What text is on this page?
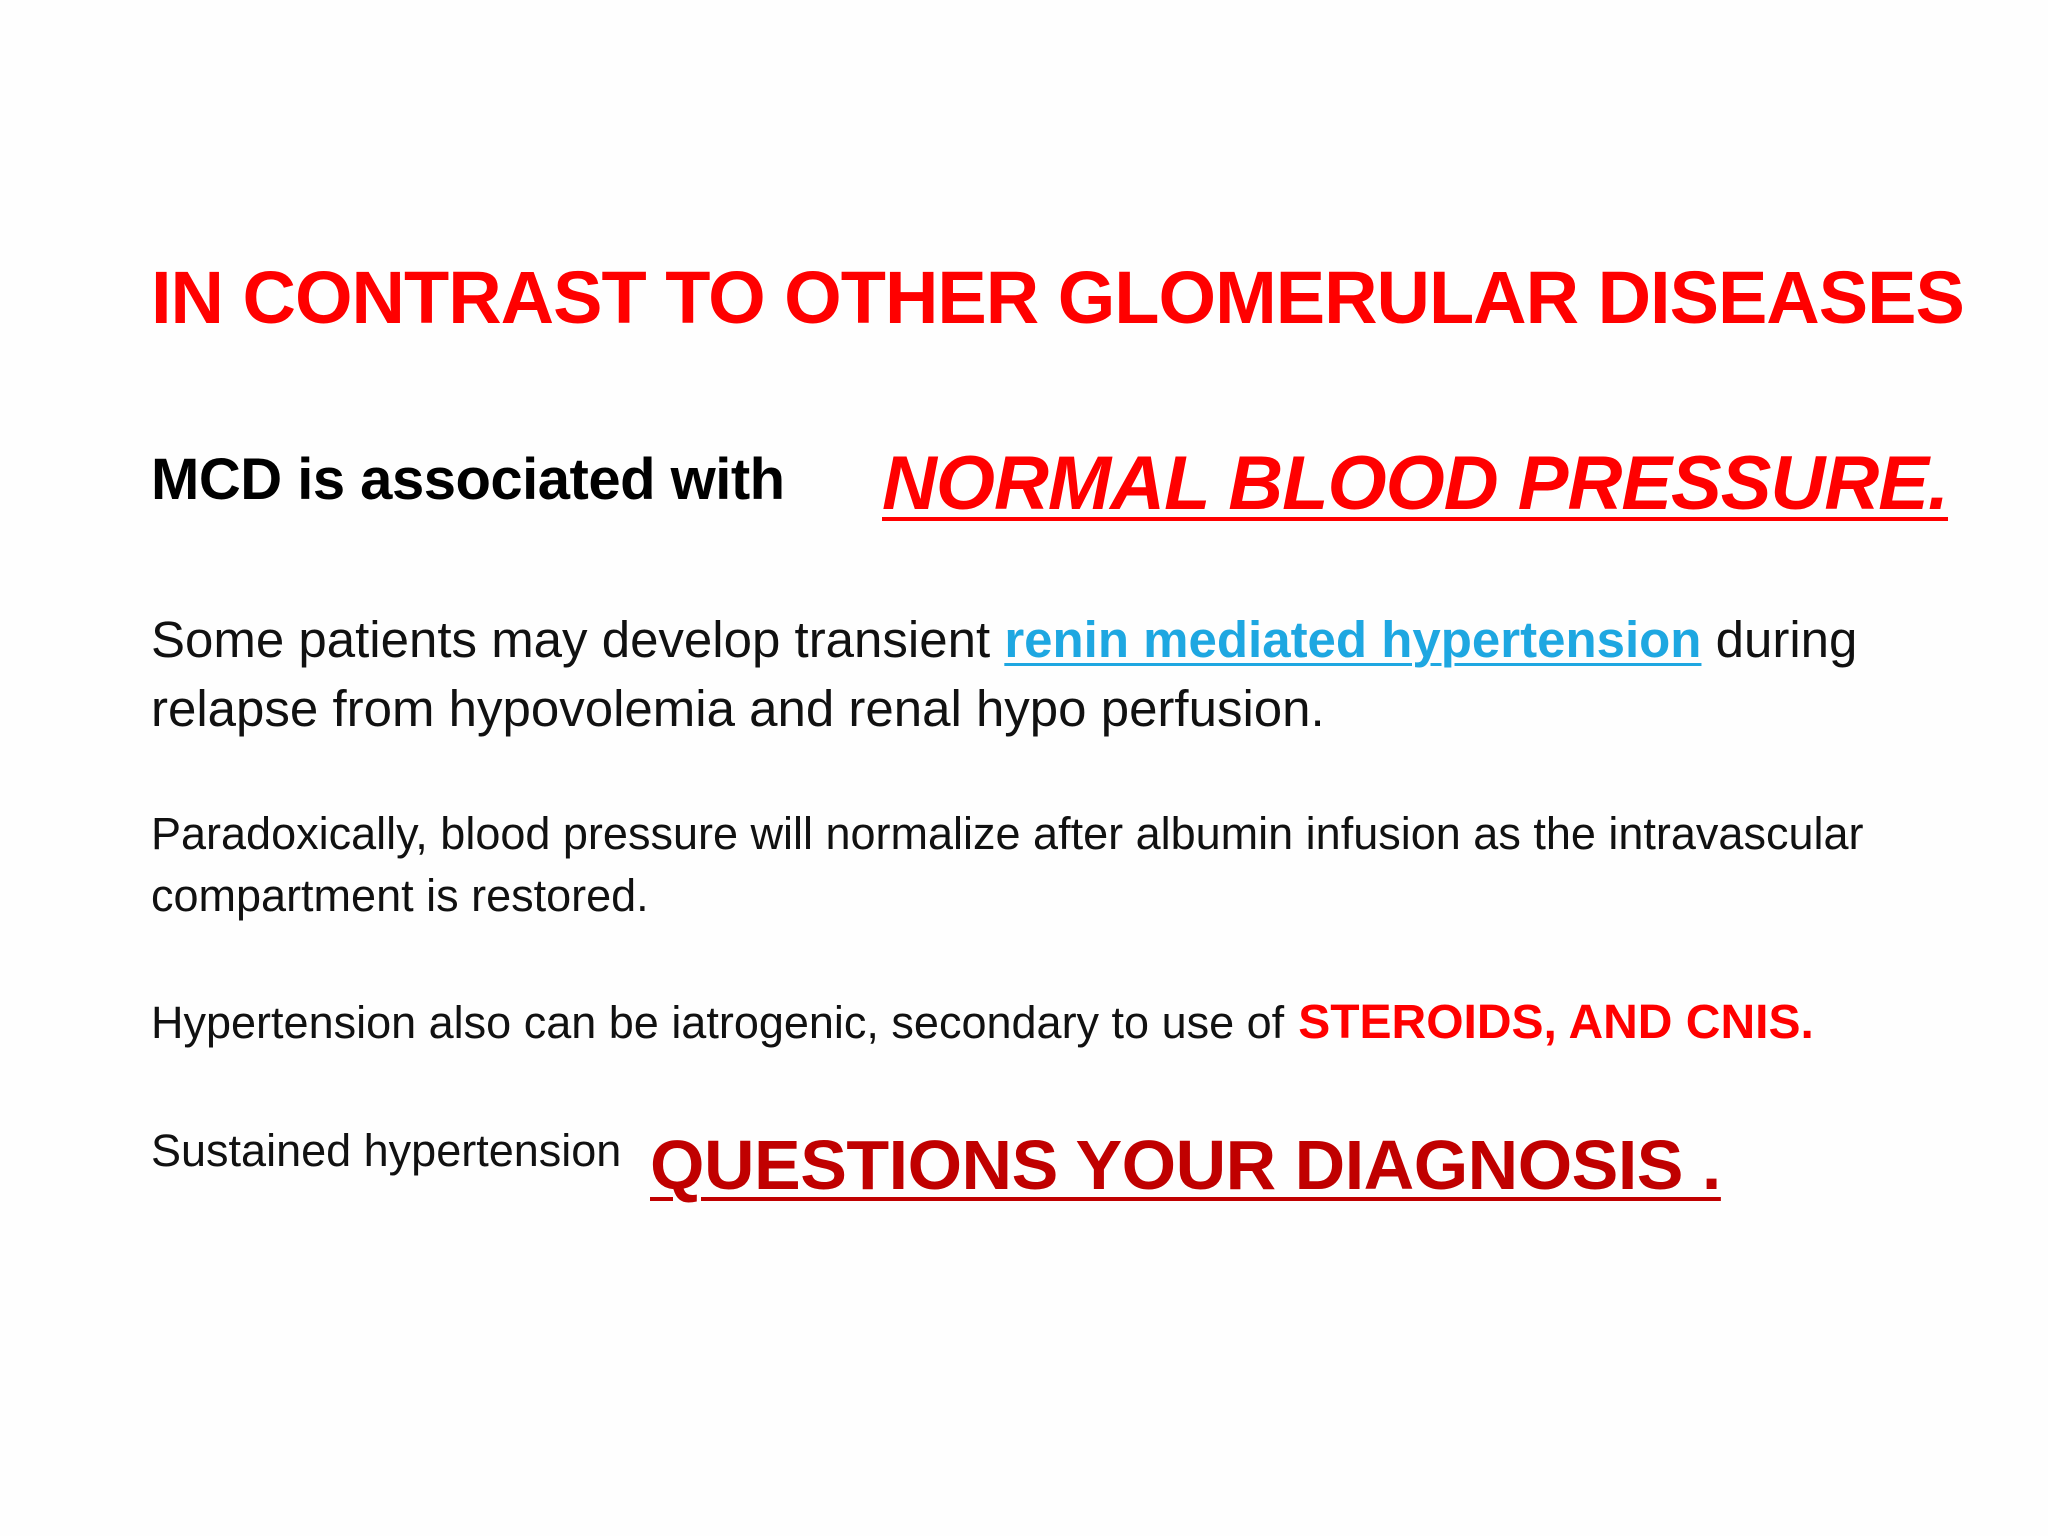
IN CONTRAST TO OTHER GLOMERULAR DISEASES

MCD is associated with NORMAL BLOOD PRESSURE.

Some patients may develop transient renin mediated hypertension during relapse from hypovolemia and renal hypo perfusion.

Paradoxically, blood pressure will normalize after albumin infusion as the intravascular compartment is restored.

Hypertension also can be iatrogenic, secondary to use of STEROIDS, AND CNIS.

Sustained hypertension QUESTIONS YOUR DIAGNOSIS .
